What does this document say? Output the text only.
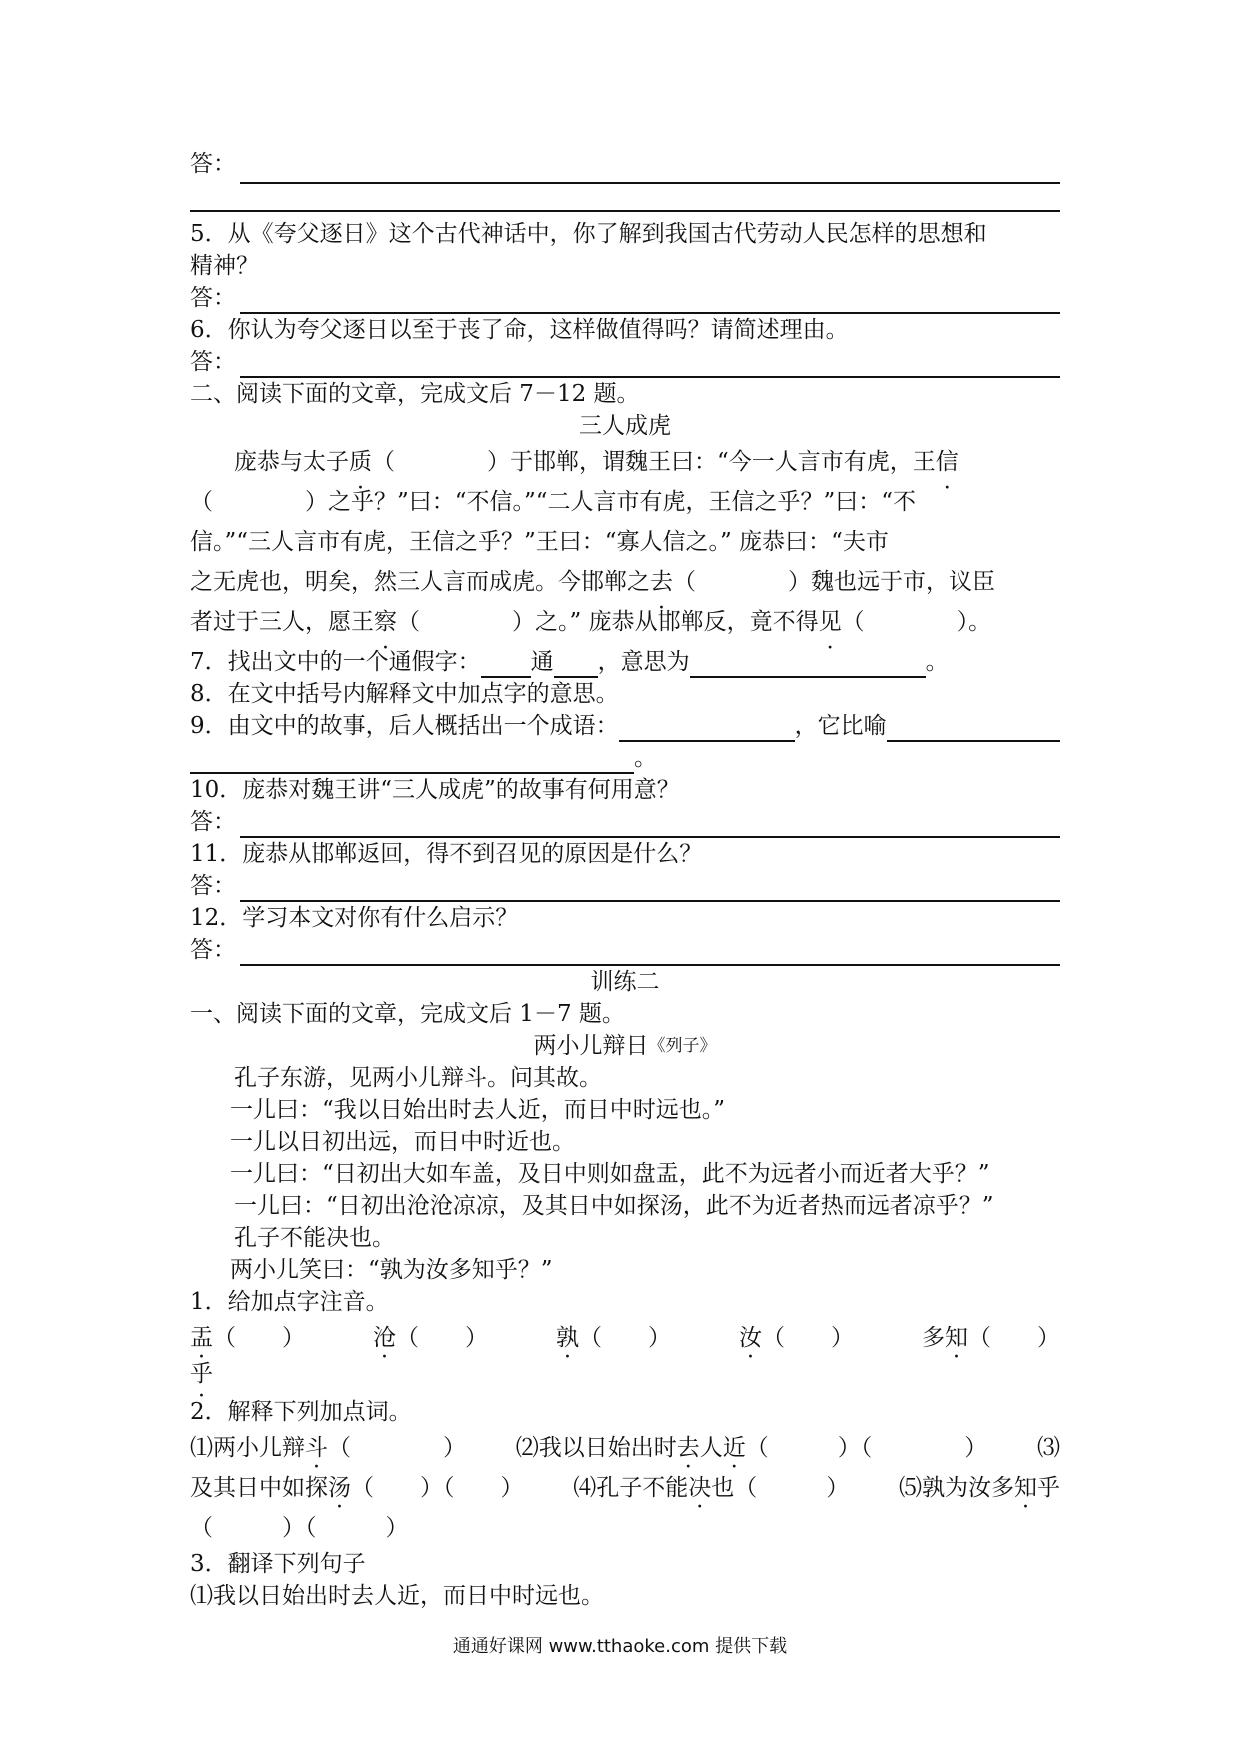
答：
5．从《夸父逐日》这个古代神话中，你了解到我国古代劳动人民怎样的思想和
精神？
答：
6．你认为夸父逐日以至于丧了命，这样做值得吗？请简述理由。
答：
二、阅读下面的文章，完成文后 7－12 题。
三人成虎
庞恭与太子 质 · （　　　　）于邯郸，谓魏王曰：“今一人言市有虎，王 信 ·
（　　　　）之乎？”曰：“不信。”“二人言市有虎，王信之乎？”曰：“不
信。”“三人言市有虎，王信之乎？”王曰：“寡人信之。” 庞恭曰：“夫市
之无虎也，明矣，然三人言而成虎。今邯郸之 去 · （　　　　）魏也远于市，议臣
者过于三人，愿王 察 · （　　　　）之。” 庞恭从邯郸反，竟不得 见 · （　　　　）。
7．找出文中的一个通假字： 通 ，意思为	。
8．在文中括号内解释文中加点字的意思。
9．由文中的故事，后人概括出一个成语：	，它比喻
。
10．庞恭对魏王讲“三人成虎”的故事有何用意？
答：
11．庞恭从邯郸返回，得不到召见的原因是什么？
答：
12．学习本文对你有什么启示？
答：
训练二
一、阅读下面的文章，完成文后 1－7 题。
两小儿辩日 《列子》
孔子东游，见两小儿辩斗。问其故。
一儿曰：“我以日始出时去人近，而日中时远也。”
一儿以日初出远，而日中时近也。
一儿曰：“日初出大如车盖，及日中则如盘盂，此不为远者小而近者大乎？”
一儿曰：“日初出沧沧凉凉，及其日中如探汤，此不为近者热而远者凉乎？”
孔子不能决也。
两小儿笑曰：“孰为汝多知乎？”
1．给加点字注音。
盂（　　）	沧（　　）	孰（　　）	汝（　　）	多知（　　）
乎 ·
2．解释下列加点词。
⑴两小儿辩斗（　　　　） ⑵我以日始出时去人近（　　　）（　　　　） ⑶
及其日中如探汤（　　）（　　） ⑷孔子不能决也（　　　） ⑸孰为汝多知乎
（　　　）（　　　）
3．翻译下列句子
⑴我以日始出时去人近，而日中时远也。
通通好课网 www.tthaoke.com 提供下载
